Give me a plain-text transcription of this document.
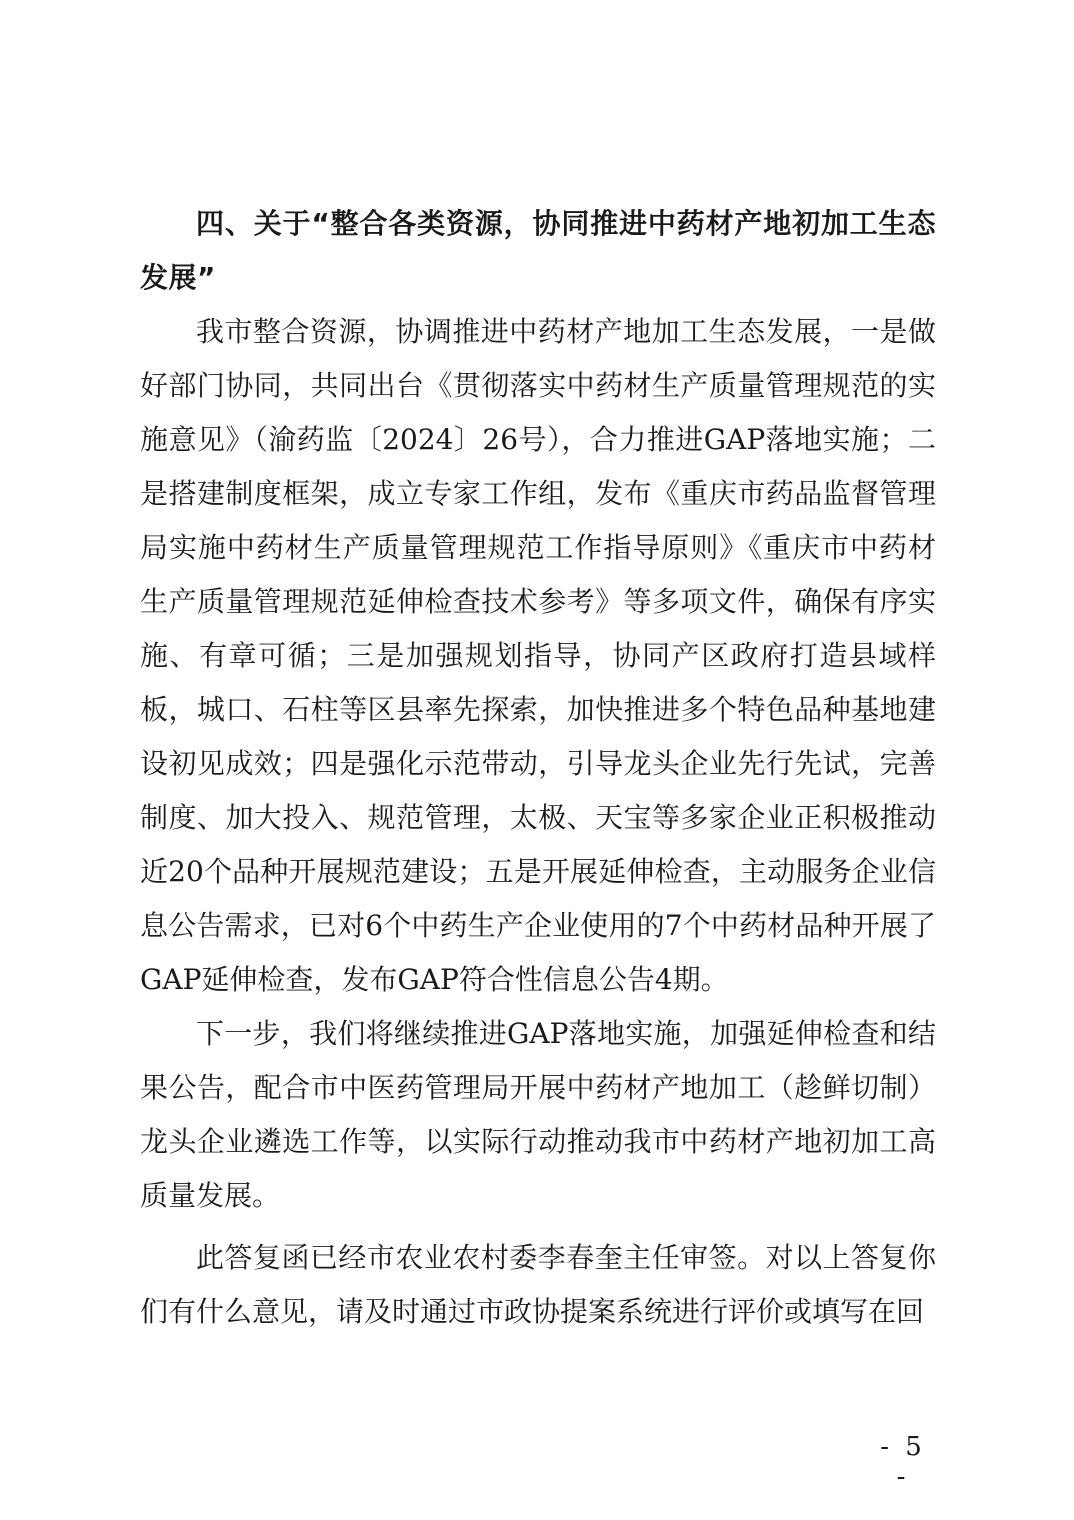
四、关于“整合各类资源，协同推进中药材产地初加工生态发展”

我市整合资源，协调推进中药材产地加工生态发展，一是做好部门协同，共同出台《贯彻落实中药材生产质量管理规范的实施意见》（渝药监〔2024〕26号），合力推进GAP落地实施；二是搭建制度框架，成立专家工作组，发布《重庆市药品监督管理局实施中药材生产质量管理规范工作指导原则》《重庆市中药材生产质量管理规范延伸检查技术参考》等多项文件，确保有序实施、有章可循；三是加强规划指导，协同产区政府打造县域样板，城口、石柱等区县率先探索，加快推进多个特色品种基地建设初见成效；四是强化示范带动，引导龙头企业先行先试，完善制度、加大投入、规范管理，太极、天宝等多家企业正积极推动近20个品种开展规范建设；五是开展延伸检查，主动服务企业信息公告需求，已对6个中药生产企业使用的7个中药材品种开展了GAP延伸检查，发布GAP符合性信息公告4期。

下一步，我们将继续推进GAP落地实施，加强延伸检查和结果公告，配合市中医药管理局开展中药材产地加工（趁鲜切制）龙头企业遴选工作等，以实际行动推动我市中药材产地初加工高质量发展。

此答复函已经市农业农村委李春奎主任审签。对以上答复你们有什么意见，请及时通过市政协提案系统进行评价或填写在回

- 5 -
